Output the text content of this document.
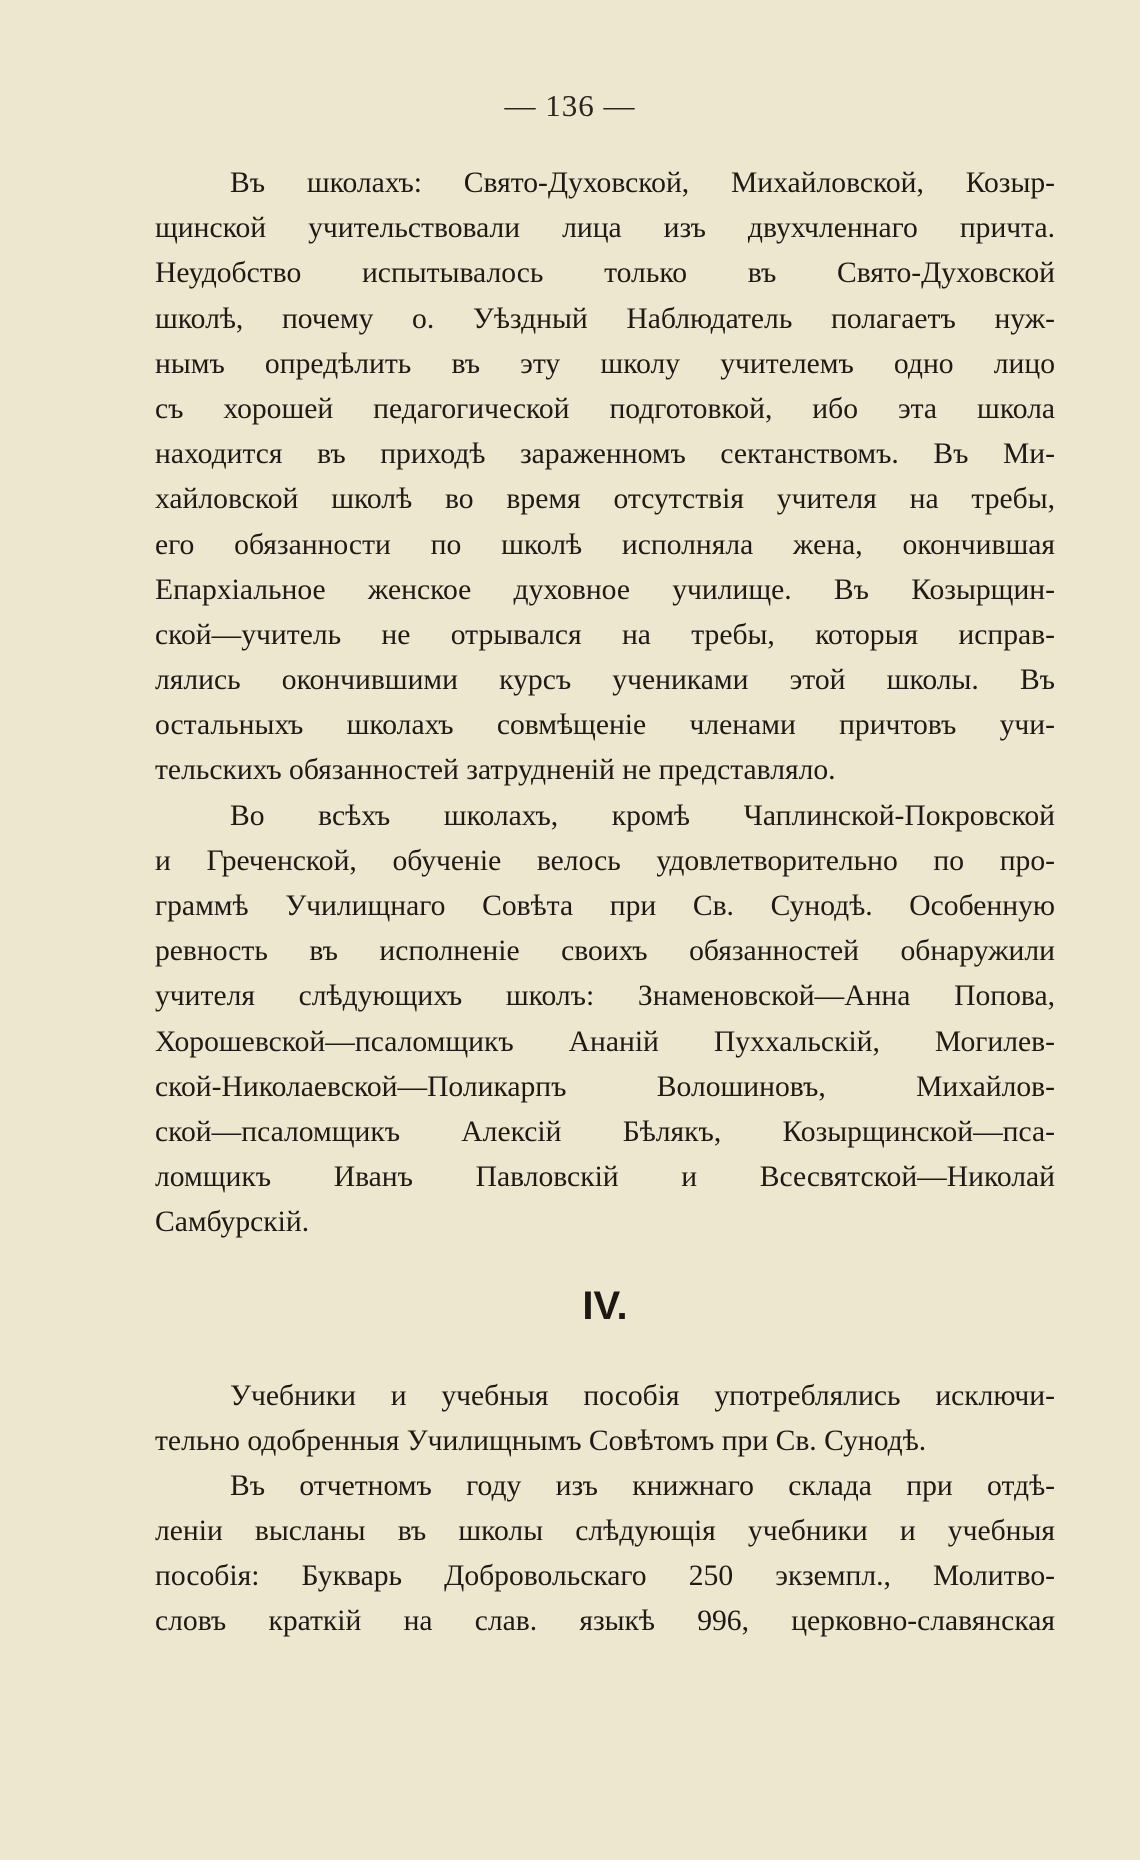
— 136 —
Въ школахъ: Свято-Духовской, Михайловской, Козыр-
щинской учительствовали лица изъ двухчленнаго причта.
Неудобство испытывалось только въ Свято-Духовской
школѣ, почему о. Уѣздный Наблюдатель полагаетъ нуж-
нымъ опредѣлить въ эту школу учителемъ одно лицо
съ хорошей педагогической подготовкой, ибо эта школа
находится въ приходѣ зараженномъ сектанствомъ. Въ Ми-
хайловской школѣ во время отсутствія учителя на требы,
его обязанности по школѣ исполняла жена, окончившая
Епархіальное женское духовное училище. Въ Козырщин-
ской—учитель не отрывался на требы, которыя исправ-
лялись окончившими курсъ учениками этой школы. Въ
остальныхъ школахъ совмѣщеніе членами причтовъ учи-
тельскихъ обязанностей затрудненій не представляло.
Во всѣхъ школахъ, кромѣ Чаплинской-Покровской
и Греченской, обученіе велось удовлетворительно по про-
граммѣ Училищнаго Совѣта при Св. Сунодѣ. Особенную
ревность въ исполненіе своихъ обязанностей обнаружили
учителя слѣдующихъ школъ: Знаменовской—Анна Попова,
Хорошевской—псаломщикъ Ананій Пуххальскій, Могилев-
ской-Николаевской—Поликарпъ Волошиновъ, Михайлов-
ской—псаломщикъ Алексій Бѣлякъ, Козырщинской—пса-
ломщикъ Иванъ Павловскій и Всесвятской—Николай
Самбурскій.
IV.
Учебники и учебныя пособія употреблялись исключи-
тельно одобренныя Училищнымъ Совѣтомъ при Св. Сунодѣ.
Въ отчетномъ году изъ книжнаго склада при отдѣ-
леніи высланы въ школы слѣдующія учебники и учебныя
пособія: Букварь Добровольскаго 250 экземпл., Молитво-
словъ краткій на слав. языкѣ 996, церковно-славянская
